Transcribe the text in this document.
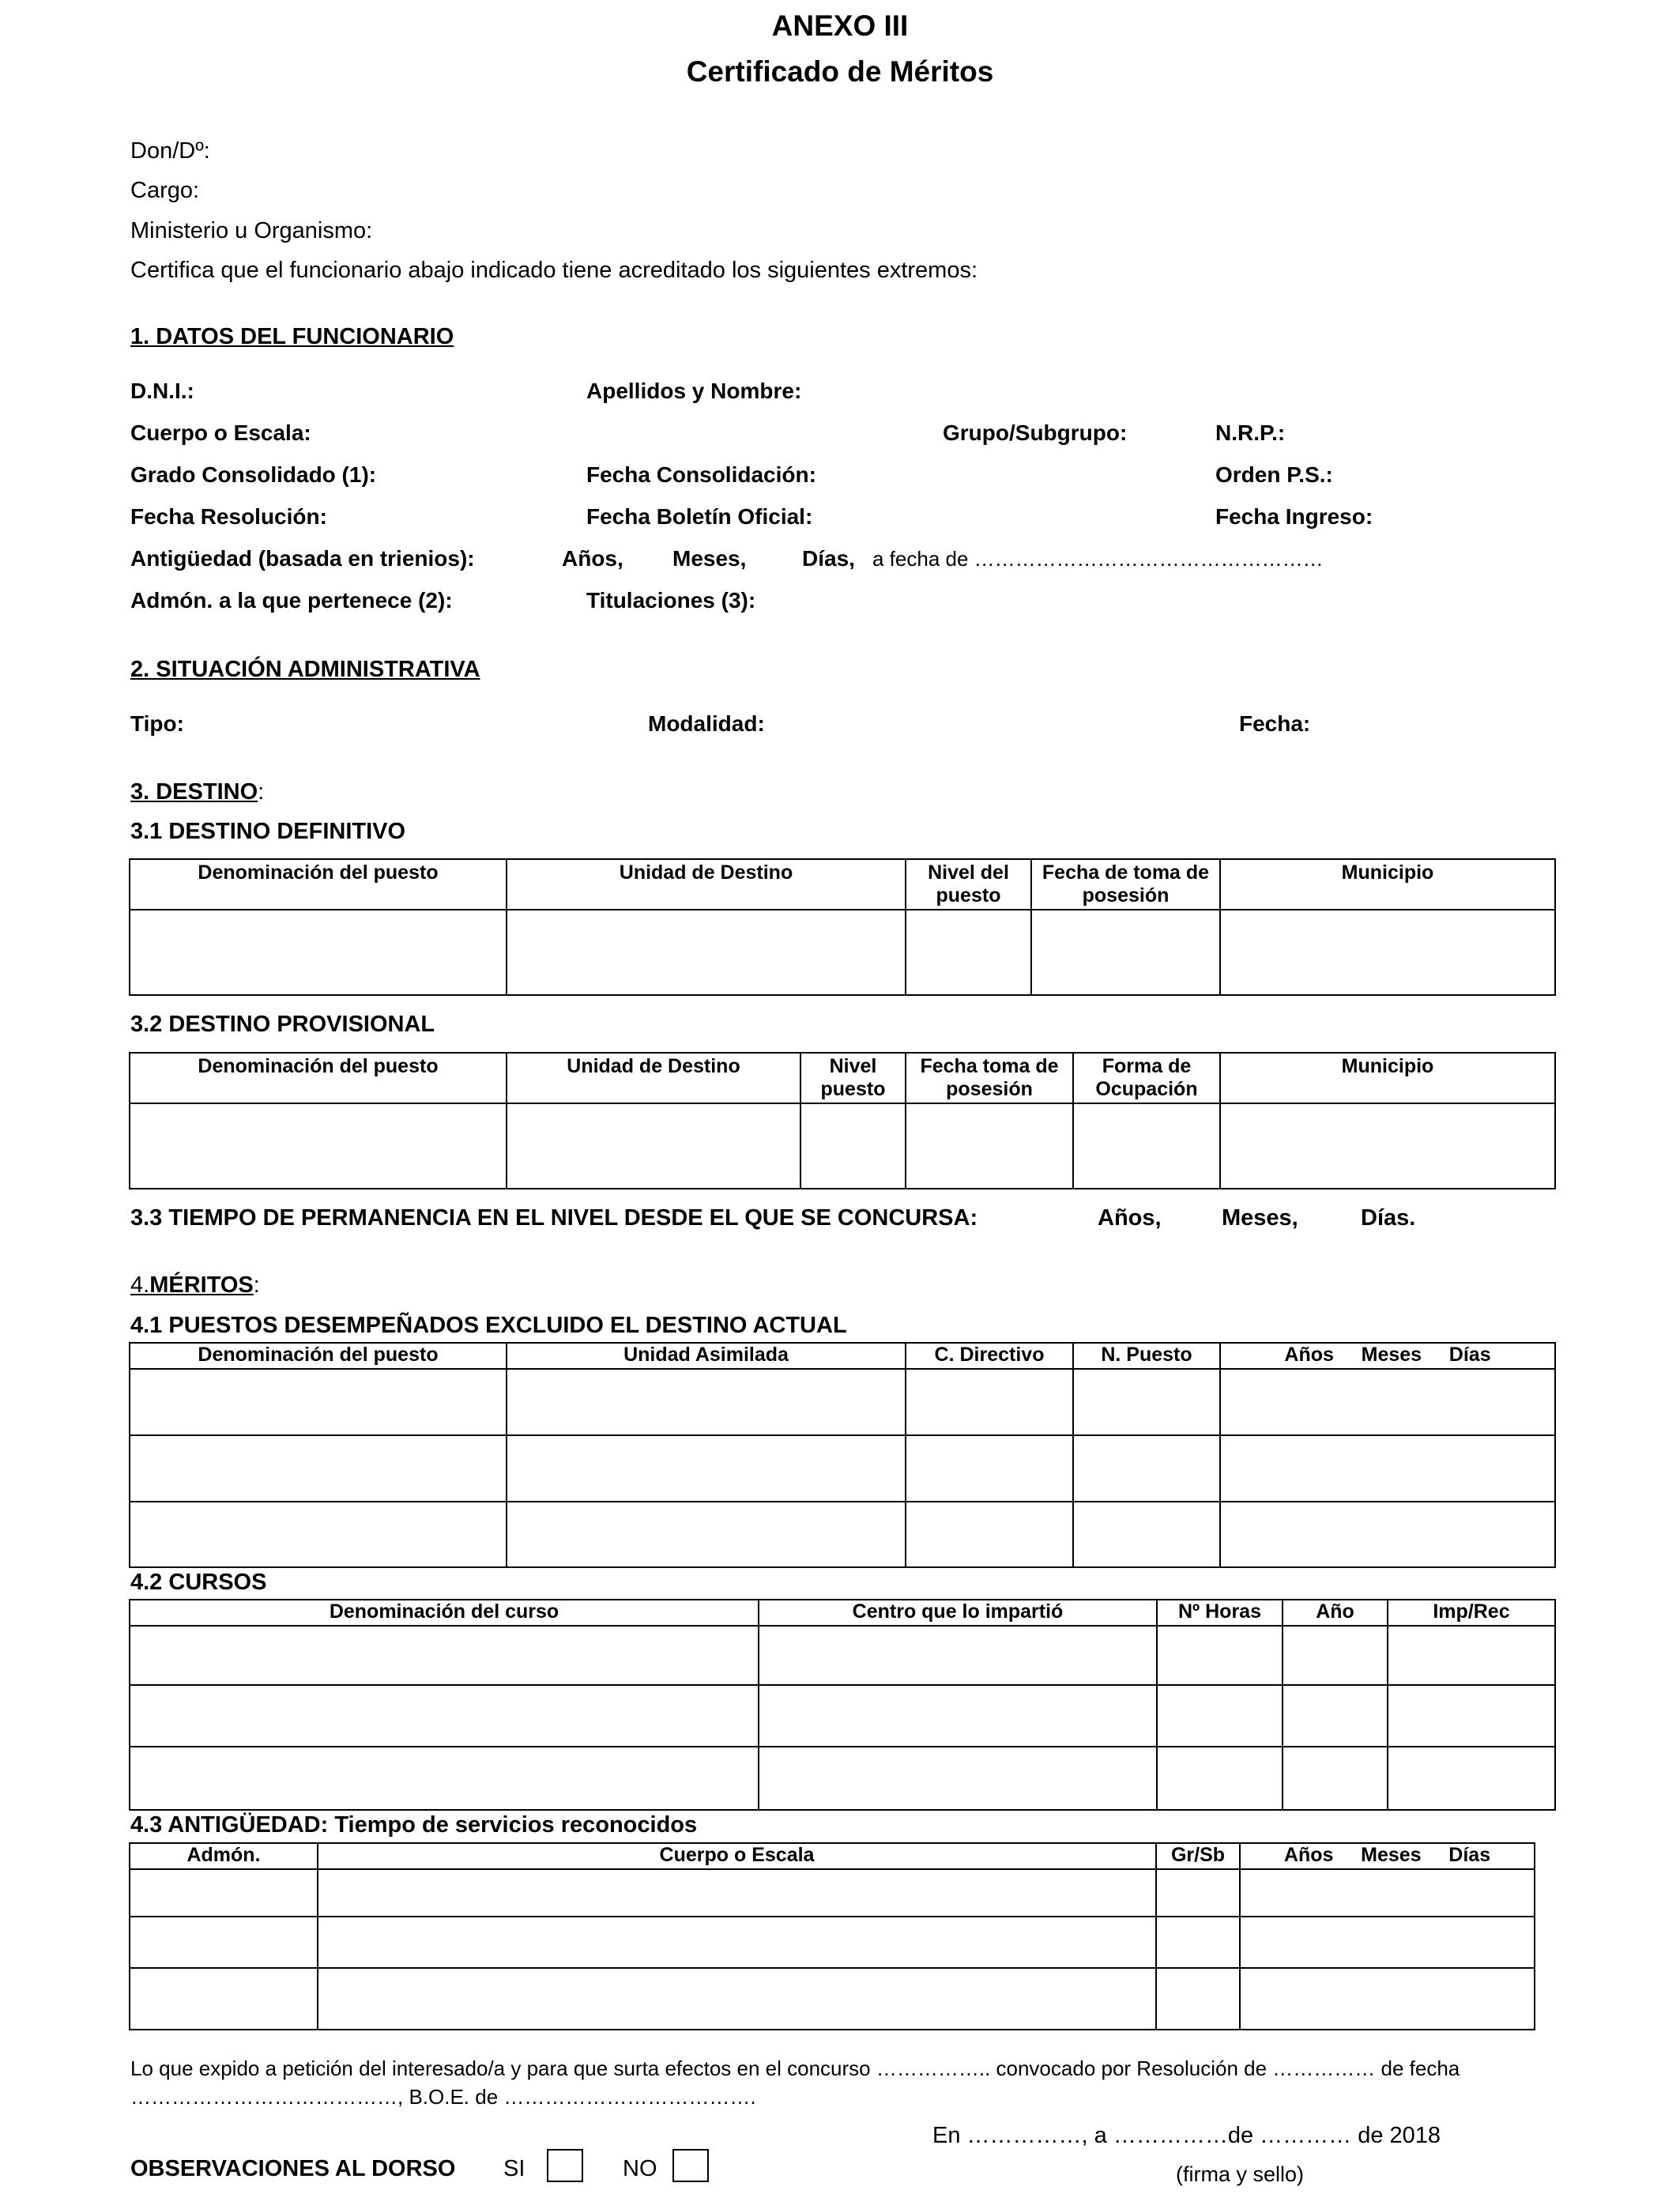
ANEXO III
Certificado de Méritos
Don/Dº:
Cargo:
Ministerio u Organismo:
Certifica que el funcionario abajo indicado tiene acreditado los siguientes extremos:
1. DATOS DEL FUNCIONARIO
D.N.I.:	Apellidos y Nombre:
Cuerpo o Escala:	Grupo/Subgrupo:	N.R.P.:
Grado Consolidado (1):	Fecha Consolidación:	Orden P.S.:
Fecha Resolución:	Fecha Boletín Oficial:	Fecha Ingreso:
Antigüedad (basada en trienios):	Años, Meses,	Días, a fecha de ……………………………………………
Admón. a la que pertenece (2):	Titulaciones (3):
2. SITUACIÓN ADMINISTRATIVA
Tipo:	Modalidad:	Fecha:
3. DESTINO:
3.1 DESTINO DEFINITIVO
Denominación del puesto	Unidad de Destino	Nivel del puesto	Fecha de toma de posesión	Municipio

3.2 DESTINO PROVISIONAL
Denominación del puesto	Unidad de Destino	Nivel puesto	Fecha toma de posesión	Forma de Ocupación	Municipio

3.3 TIEMPO DE PERMANENCIA EN EL NIVEL DESDE EL QUE SE CONCURSA:	Años,	Meses,	Días.
4.MÉRITOS:
4.1 PUESTOS DESEMPEÑADOS EXCLUIDO EL DESTINO ACTUAL
Denominación del puesto	Unidad Asimilada	C. Directivo	N. Puesto	Años     Meses     Días

4.2 CURSOS
Denominación del curso	Centro que lo impartió	Nº Horas	Año	Imp/Rec

4.3 ANTIGÜEDAD: Tiempo de servicios reconocidos
Admón.	Cuerpo o Escala	Gr/Sb	Años     Meses     Días

Lo que expido a petición del interesado/a y para que surta efectos en el concurso …………….. convocado por Resolución de …………… de fecha
…………………………………, B.O.E. de ……………………………….
En ……………, a ……………de ………… de 2018
(firma y sello)
OBSERVACIONES AL DORSO SI	NO
